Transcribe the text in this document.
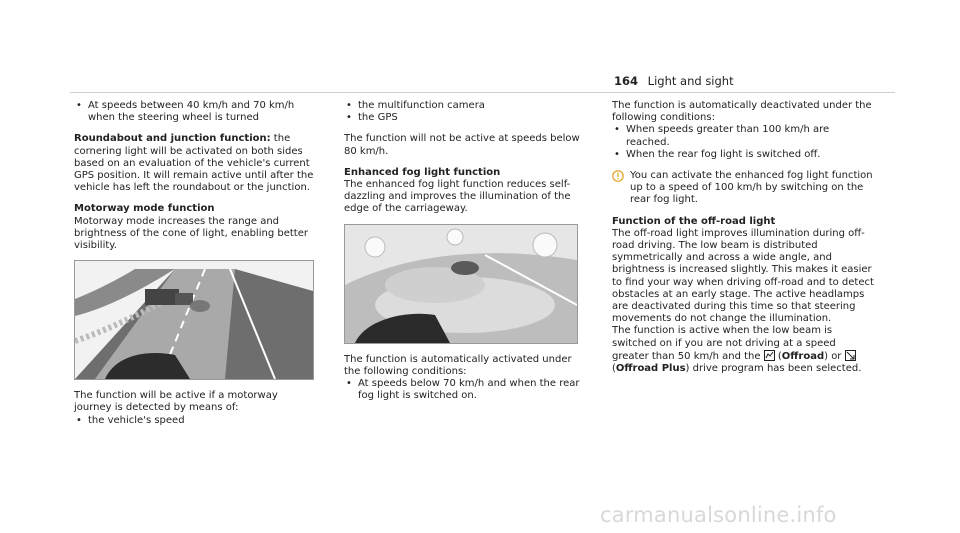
164 Light and sight

• At speeds between 40 km/h and 70 km/h when the steering wheel is turned

Roundabout and junction function: the cornering light will be activated on both sides based on an evaluation of the vehicle's current GPS position. It will remain active until after the vehicle has left the roundabout or the junction.

Motorway mode function

Motorway mode increases the range and brightness of the cone of light, enabling better visibility.

The function will be active if a motorway journey is detected by means of:

• the vehicle's speed

• the multifunction camera

• the GPS

The function will not be active at speeds below 80 km/h.

Enhanced fog light function

The enhanced fog light function reduces self-dazzling and improves the illumination of the edge of the carriageway.

The function is automatically activated under the following conditions:

• At speeds below 70 km/h and when the rear fog light is switched on.

The function is automatically deactivated under the following conditions:

• When speeds greater than 100 km/h are reached.

• When the rear fog light is switched off.

You can activate the enhanced fog light function up to a speed of 100 km/h by switching on the rear fog light.

Function of the off-road light

The off-road light improves illumination during off-road driving. The low beam is distributed symmetrically and across a wide angle, and brightness is increased slightly. This makes it easier to find your way when driving off-road and to detect obstacles at an early stage. The active headlamps are deactivated during this time so that steering movements do not change the illumination.

The function is active when the low beam is switched on if you are not driving at a speed greater than 50 km/h and the  (Offroad) or  (Offroad Plus) drive program has been selected.

carmanualsonline.info
